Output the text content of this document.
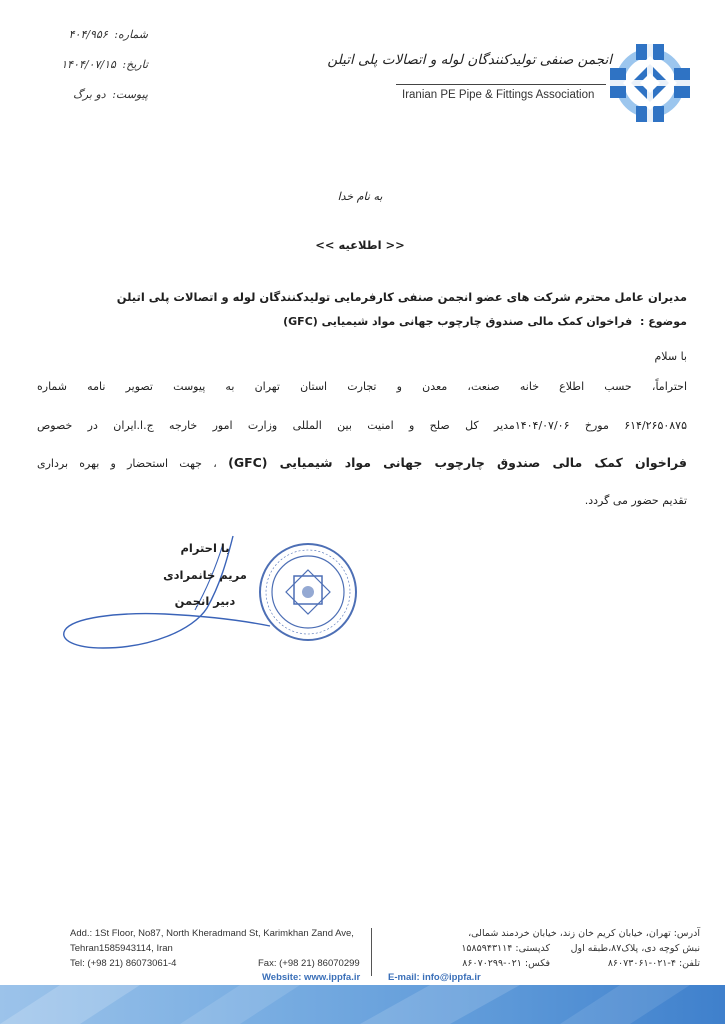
شماره: ۴۰۴/۹۵۶
تاریخ: ۱۴۰۴/۰۷/۱۵
پیوست: دو برگ
انجمن صنفی تولیدکنندگان لوله و اتصالات پلی اتیلن
Iranian PE Pipe & Fittings Association
به نام خدا
<< اطلاعیه >>
مدیران عامل محترم شرکت های عضو انجمن صنفی کارفرمایی تولیدکنندگان لوله و اتصالات پلی اتیلن
موضوع : فراخوان کمک مالی صندوق چارچوب جهانی مواد شیمیایی (GFC)
با سلام
احتراماً، حسب اطلاع خانه صنعت، معدن و تجارت استان تهران به پیوست تصویر نامه شماره
۶۱۴/۲۶۵۰۸۷۵ مورخ ۱۴۰۴/۰۷/۰۶مدیر کل صلح و امنیت بین المللی وزارت امور خارجه ج.ا.ایران در خصوص
فراخوان کمک مالی صندوق چارچوب جهانی مواد شیمیایی (GFC) ، جهت استحضار و بهره برداری
تقدیم حضور می گردد.
با احترام
مریم خانمرادی
دبیر انجمن
Add.: 1St Floor, No87, North Kheradmand St, Karimkhan Zand Ave,
Tehran1585943114, Iran
Tel: (+98 21) 86073061-4	Fax: (+98 21) 86070299
Website: www.ippfa.ir
آدرس: تهران، خیابان کریم خان زند، خیابان خردمند شمالی،
نبش کوچه دی، پلاک۸۷،طبقه اول
کدپستی: ۱۵۸۵۹۴۳۱۱۴
تلفن: ۴-۰۲۱-۸۶۰۷۳۰۶۱
فکس: ۰۲۱-۸۶۰۷۰۲۹۹
E-mail: info@ippfa.ir
